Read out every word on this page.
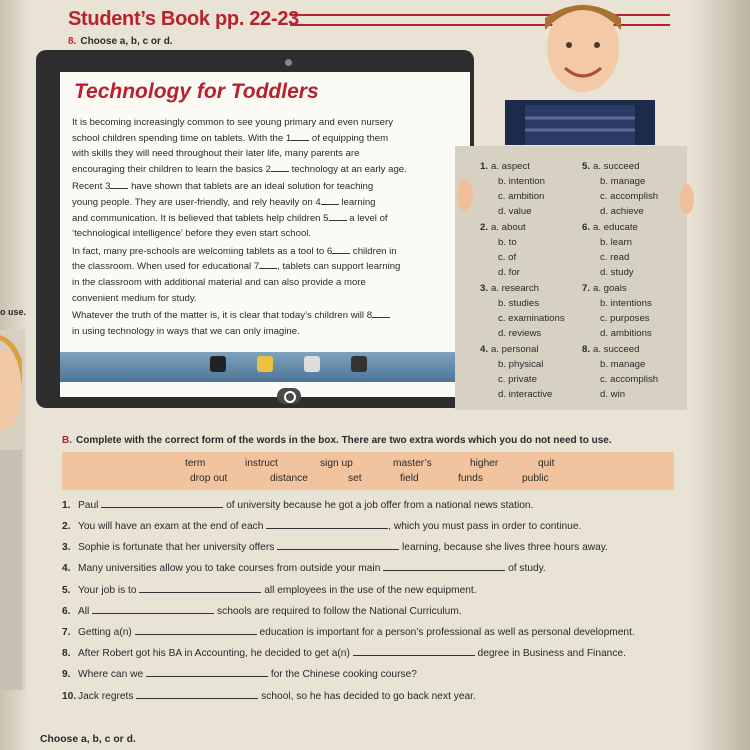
Student’s Book pp. 22-23
8. Choose a, b, c or d.
Technology for Toddlers

It is becoming increasingly common to see young primary and even nursery
school children spending time on tablets. With the 1 of equipping them
with skills they will need throughout their later life, many parents are
encouraging their children to learn the basics 2 technology at an early age.

Recent 3 have shown that tablets are an ideal solution for teaching
young people. They are user-friendly, and rely heavily on 4 learning
and communication. It is believed that tablets help children 5 a level of
‘technological intelligence’ before they even start school.

In fact, many pre-schools are welcoming tablets as a tool to 6 children in
the classroom. When used for educational 7 , tablets can support learning
in the classroom with additional material and can also provide a more
convenient medium for study.

Whatever the truth of the matter is, it is clear that today’s children will 8
in using technology in ways that we can only imagine.

1. a. aspect
b. intention
c. ambition
d. value
2. a. about
b. to
c. of
d. for
3. a. research
b. studies
c. examinations
d. reviews
4. a. personal
b. physical
c. private
d. interactive
5. a. succeed
b. manage
c. accomplish
d. achieve
6. a. educate
b. learn
c. read
d. study
7. a. goals
b. intentions
c. purposes
d. ambitions
8. a. succeed
b. manage
c. accomplish
d. win
o use.
B. Complete with the correct form of the words in the box. There are two extra words which you do not need to use.
term	instruct	sign up	master’s	higher	quit
drop out	distance	set	field	funds	public
1. Paul	of university because he got a job offer from a national news station.
2. You will have an exam at the end of each	, which you must pass in order to continue.
3. Sophie is fortunate that her university offers	learning, because she lives three hours away.
4. Many universities allow you to take courses from outside your main	of study.
5. Your job is to	all employees in the use of the new equipment.
6. All	schools are required to follow the National Curriculum.
7. Getting a(n)	education is important for a person’s professional as well as personal development.
8. After Robert got his BA in Accounting, he decided to get a(n)	degree in Business and Finance.
9. Where can we	for the Chinese cooking course?
10. Jack regrets	school, so he has decided to go back next year.
Choose a, b, c or d.
